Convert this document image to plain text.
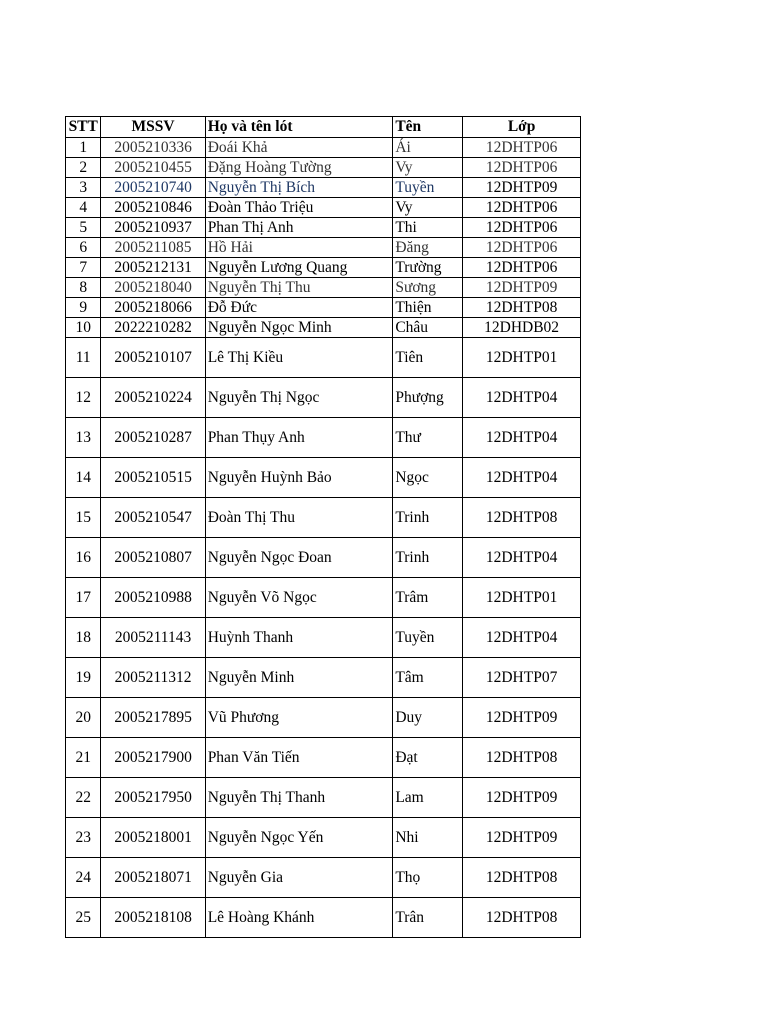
STT	MSSV	Họ và tên lót	Tên	Lớp
1	2005210336	Đoái Khả	Ái	12DHTP06
2	2005210455	Đặng Hoàng Tường	Vy	12DHTP06
3	2005210740	Nguyễn Thị Bích	Tuyền	12DHTP09
4	2005210846	Đoàn Thảo Triệu	Vy	12DHTP06
5	2005210937	Phan Thị Anh	Thi	12DHTP06
6	2005211085	Hồ Hải	Đăng	12DHTP06
7	2005212131	Nguyễn Lương Quang	Trường	12DHTP06
8	2005218040	Nguyễn Thị Thu	Sương	12DHTP09
9	2005218066	Đỗ Đức	Thiện	12DHTP08
10	2022210282	Nguyễn Ngọc Minh	Châu	12DHDB02
11	2005210107	Lê Thị Kiều	Tiên	12DHTP01
12	2005210224	Nguyễn Thị Ngọc	Phượng	12DHTP04
13	2005210287	Phan Thụy Anh	Thư	12DHTP04
14	2005210515	Nguyễn Huỳnh Bảo	Ngọc	12DHTP04
15	2005210547	Đoàn Thị Thu	Trinh	12DHTP08
16	2005210807	Nguyễn Ngọc Đoan	Trinh	12DHTP04
17	2005210988	Nguyễn Võ Ngọc	Trâm	12DHTP01
18	2005211143	Huỳnh Thanh	Tuyền	12DHTP04
19	2005211312	Nguyễn Minh	Tâm	12DHTP07
20	2005217895	Vũ Phương	Duy	12DHTP09
21	2005217900	Phan Văn Tiến	Đạt	12DHTP08
22	2005217950	Nguyễn Thị Thanh	Lam	12DHTP09
23	2005218001	Nguyễn Ngọc Yến	Nhi	12DHTP09
24	2005218071	Nguyễn Gia	Thọ	12DHTP08
25	2005218108	Lê Hoàng Khánh	Trân	12DHTP08
